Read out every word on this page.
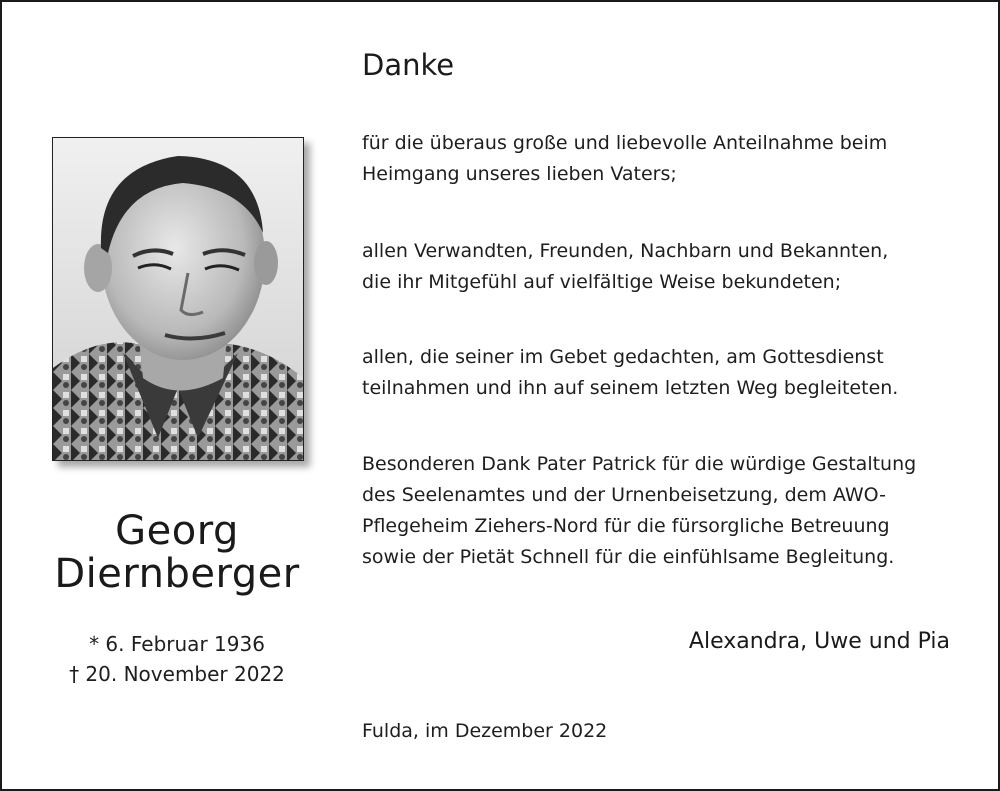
Georg
Diernberger
* 6. Februar 1936
† 20. November 2022
Danke
für die überaus große und liebevolle Anteilnahme beim
Heimgang unseres lieben Vaters;
allen Verwandten, Freunden, Nachbarn und Bekannten,
die ihr Mitgefühl auf vielfältige Weise bekundeten;
allen, die seiner im Gebet gedachten, am Gottesdienst
teilnahmen und ihn auf seinem letzten Weg begleiteten.
Besonderen Dank Pater Patrick für die würdige Gestaltung
des Seelenamtes und der Urnenbeisetzung, dem AWO-
Pflegeheim Ziehers-Nord für die fürsorgliche Betreuung
sowie der Pietät Schnell für die einfühlsame Begleitung.
Alexandra, Uwe und Pia
Fulda, im Dezember 2022
